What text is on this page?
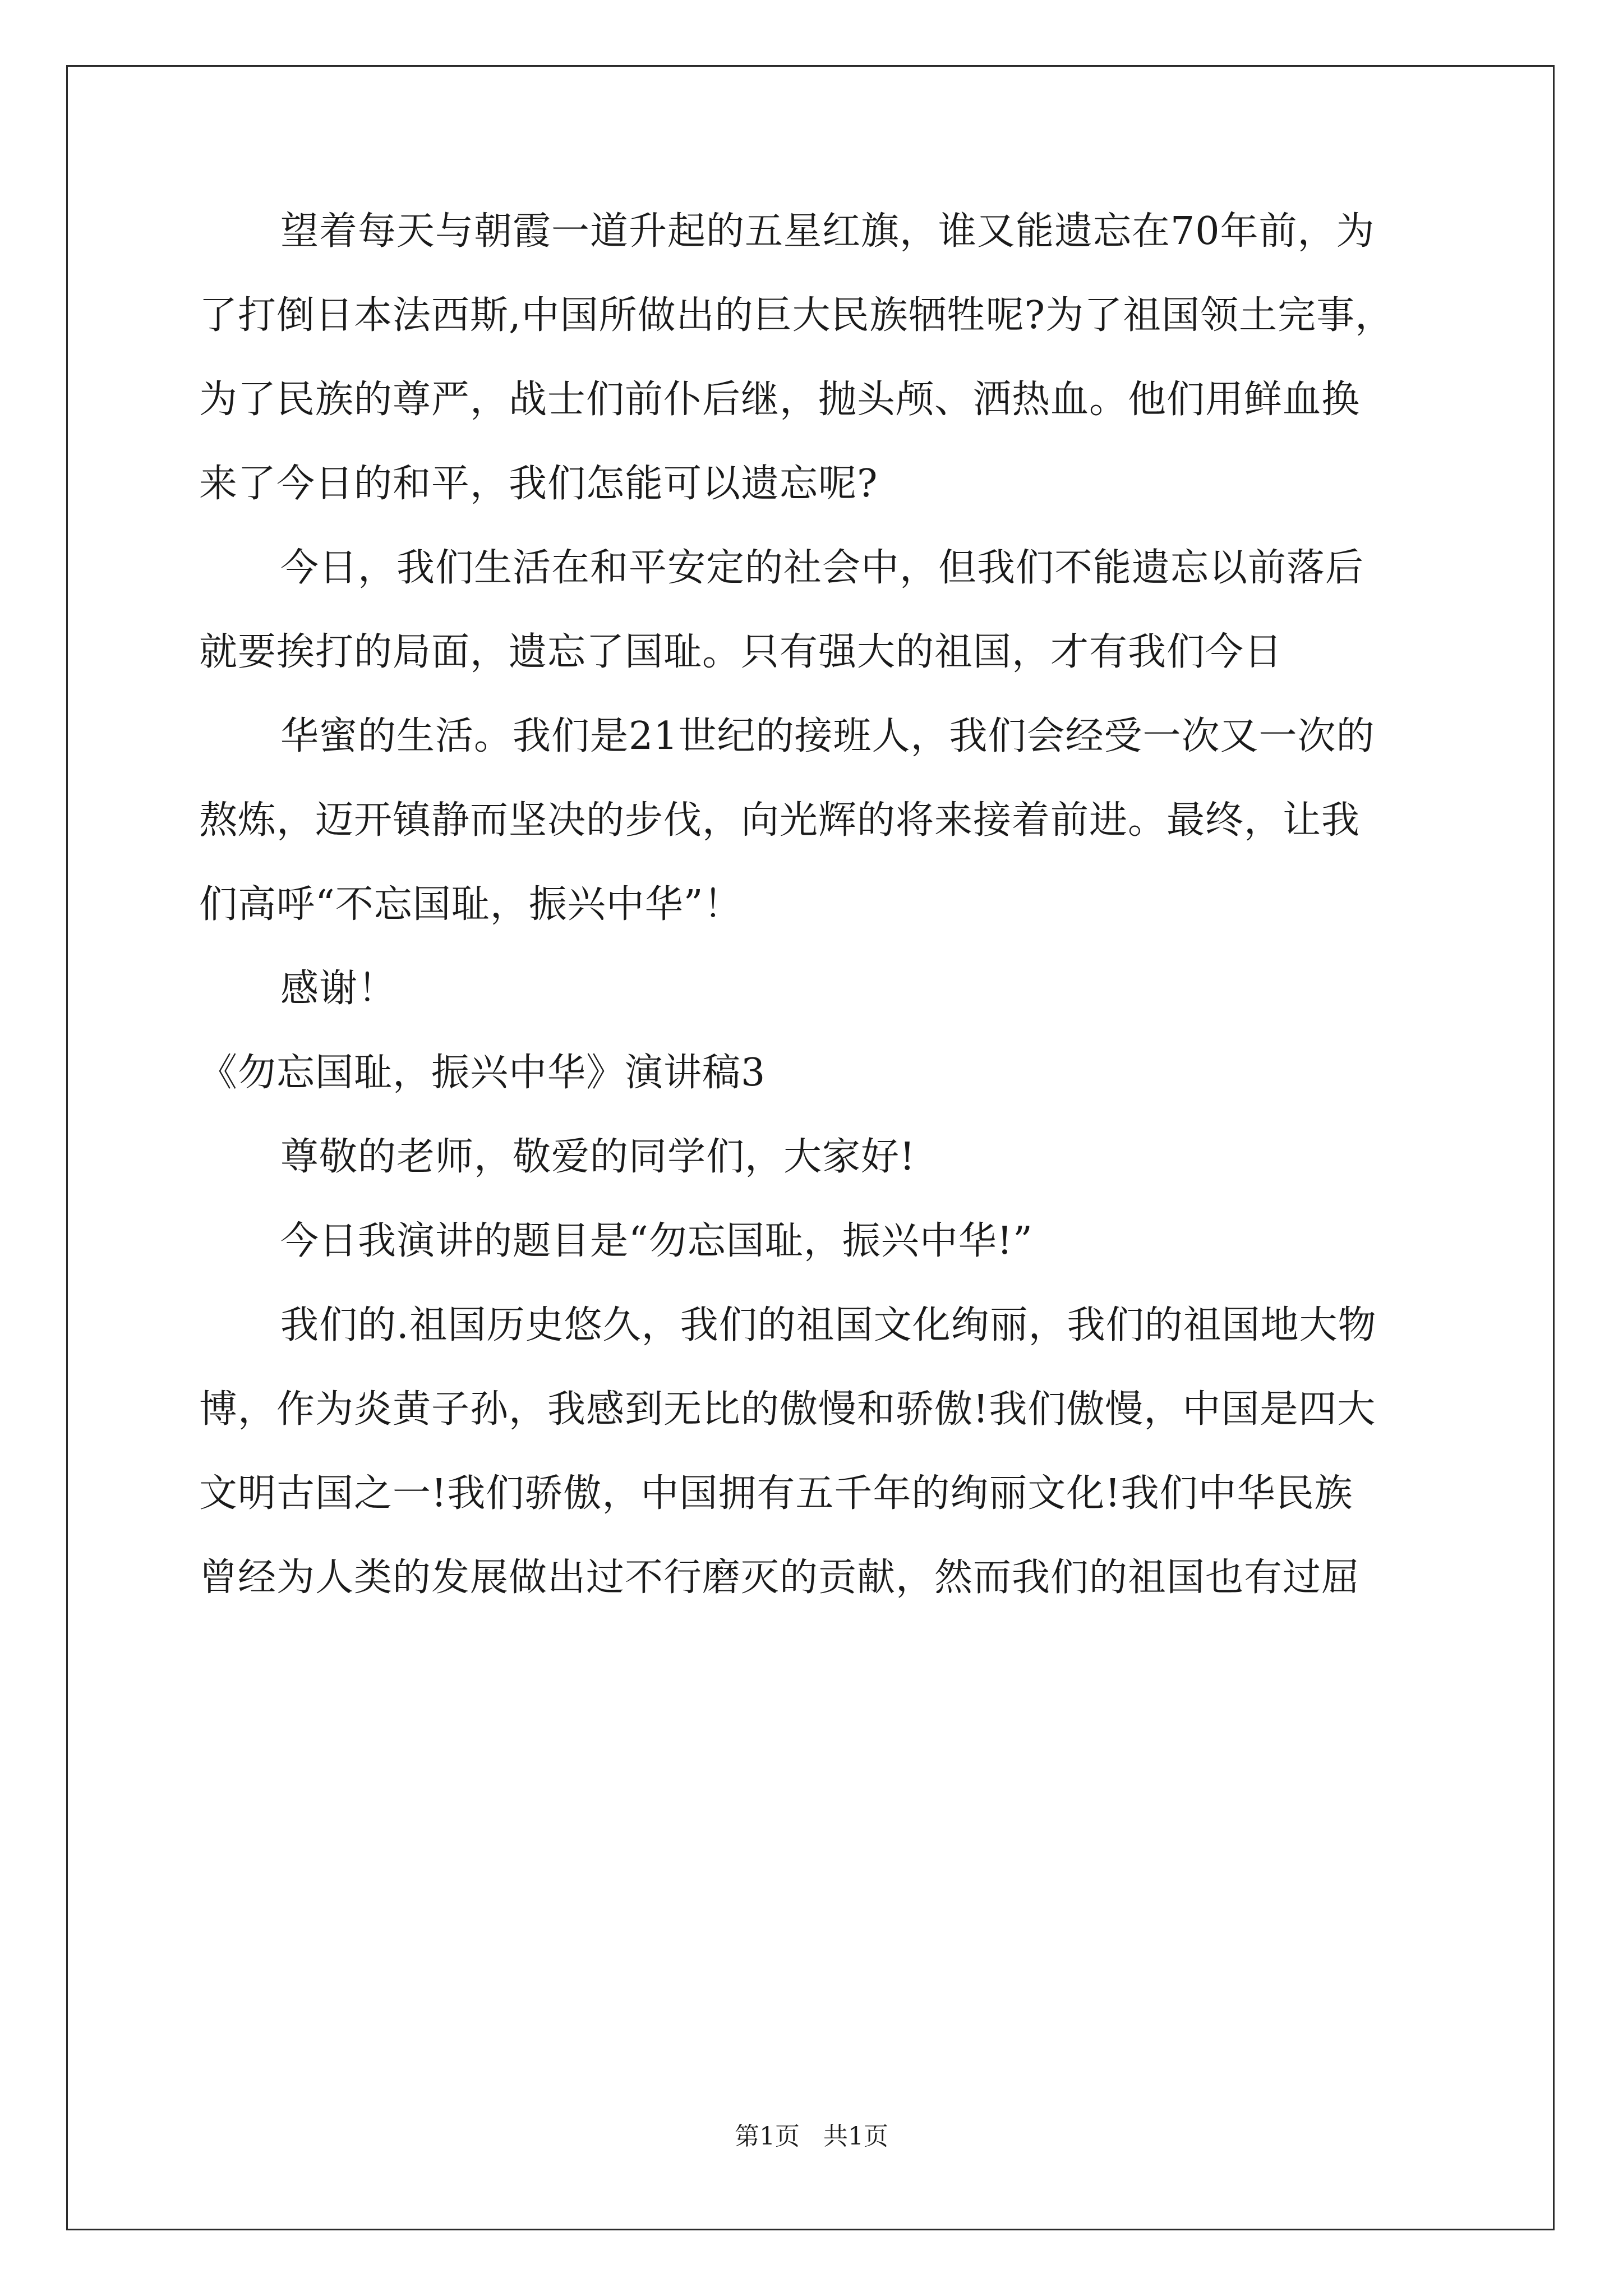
望着每天与朝霞一道升起的五星红旗，谁又能遗忘在70年前，为
了打倒日本法西斯,中国所做出的巨大民族牺牲呢?为了祖国领土完事，
为了民族的尊严，战士们前仆后继，抛头颅、洒热血。他们用鲜血换
来了今日的和平，我们怎能可以遗忘呢?
今日，我们生活在和平安定的社会中，但我们不能遗忘以前落后
就要挨打的局面，遗忘了国耻。只有强大的祖国，才有我们今日
华蜜的生活。我们是21世纪的接班人，我们会经受一次又一次的
熬炼，迈开镇静而坚决的步伐，向光辉的将来接着前进。最终，让我
们高呼“不忘国耻，振兴中华”！
感谢！
《勿忘国耻，振兴中华》演讲稿3
尊敬的老师，敬爱的同学们，大家好!
今日我演讲的题目是“勿忘国耻，振兴中华!”
我们的.祖国历史悠久，我们的祖国文化绚丽，我们的祖国地大物
博，作为炎黄子孙，我感到无比的傲慢和骄傲!我们傲慢，中国是四大
文明古国之一!我们骄傲，中国拥有五千年的绚丽文化!我们中华民族
曾经为人类的发展做出过不行磨灭的贡献，然而我们的祖国也有过屈
第1页   共1页
